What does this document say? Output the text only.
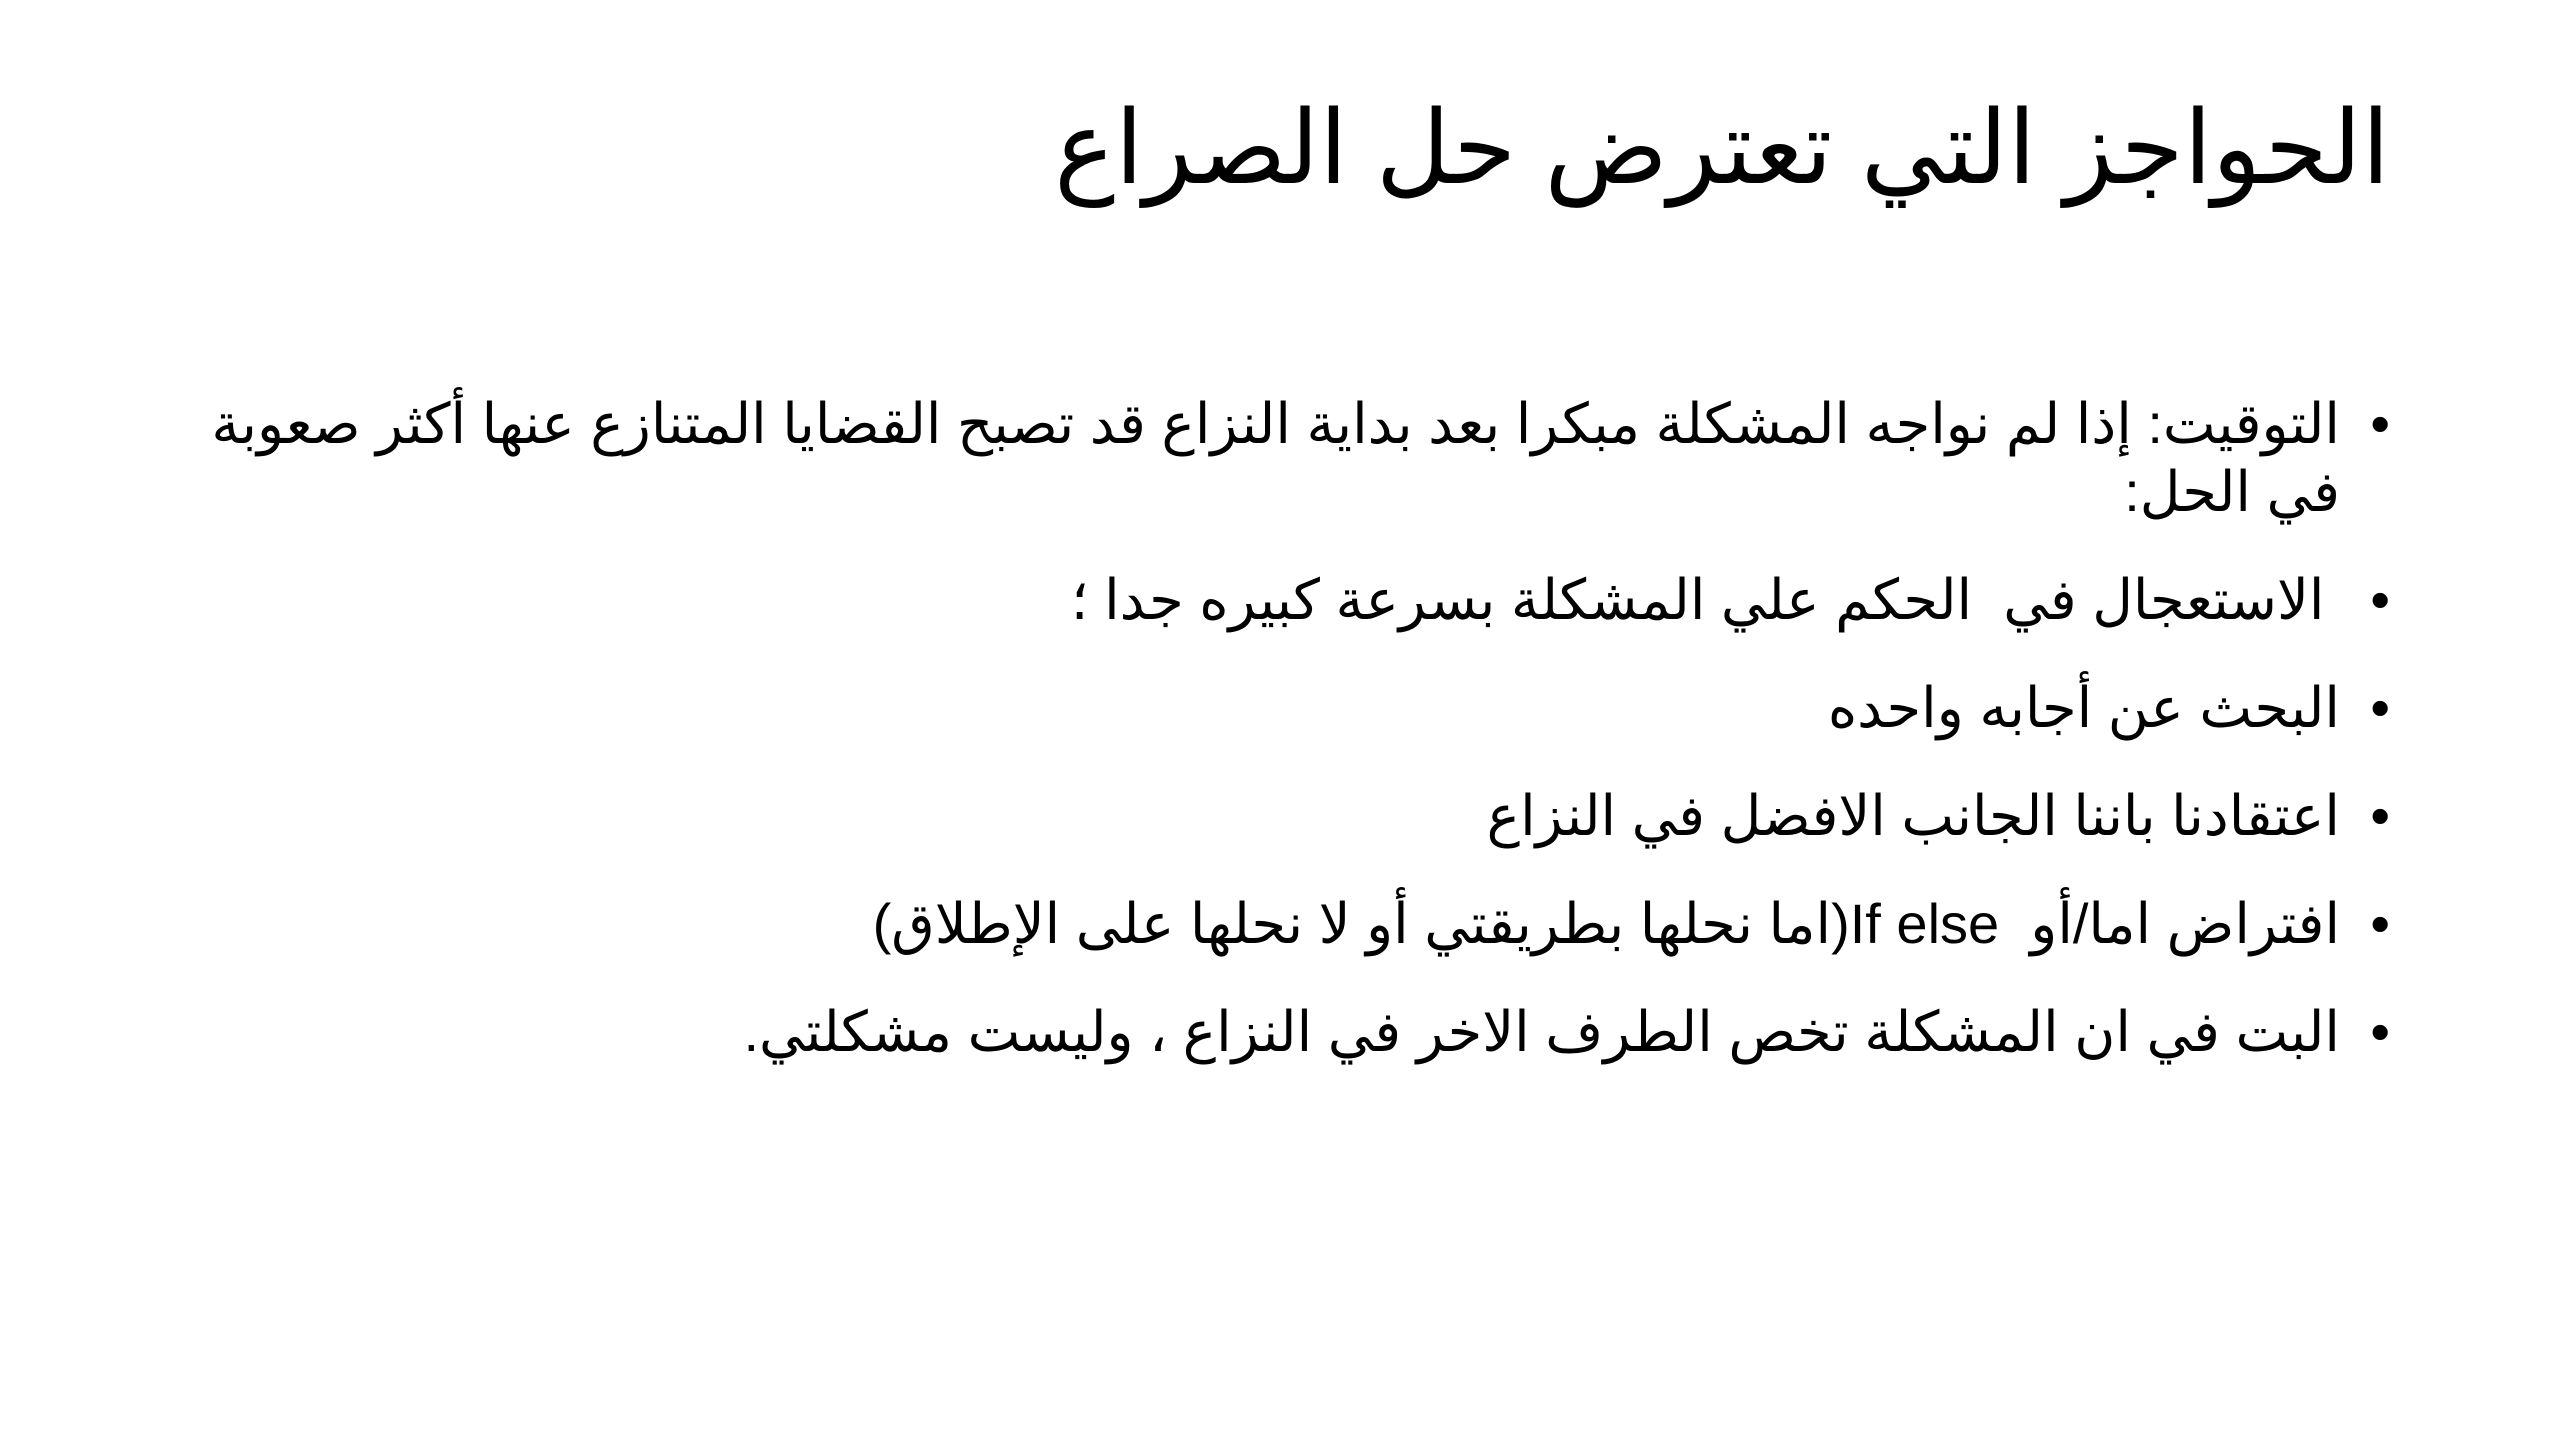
الحواجز التي تعترض حل الصراع
•
التوقيت: إذا لم نواجه المشكلة مبكرا بعد بداية النزاع قد تصبح القضايا المتنازع عنها أكثر صعوبة في الحل:
•
الاستعجال في  الحكم علي المشكلة بسرعة كبيره جدا ؛
•
البحث عن أجابه واحده
•
اعتقادنا باننا الجانب الافضل في النزاع
•
افتراض اما/أو  If else(اما نحلها بطريقتي أو لا نحلها على الإطلاق)
•
البت في ان المشكلة تخص الطرف الاخر في النزاع ، وليست مشكلتي.
